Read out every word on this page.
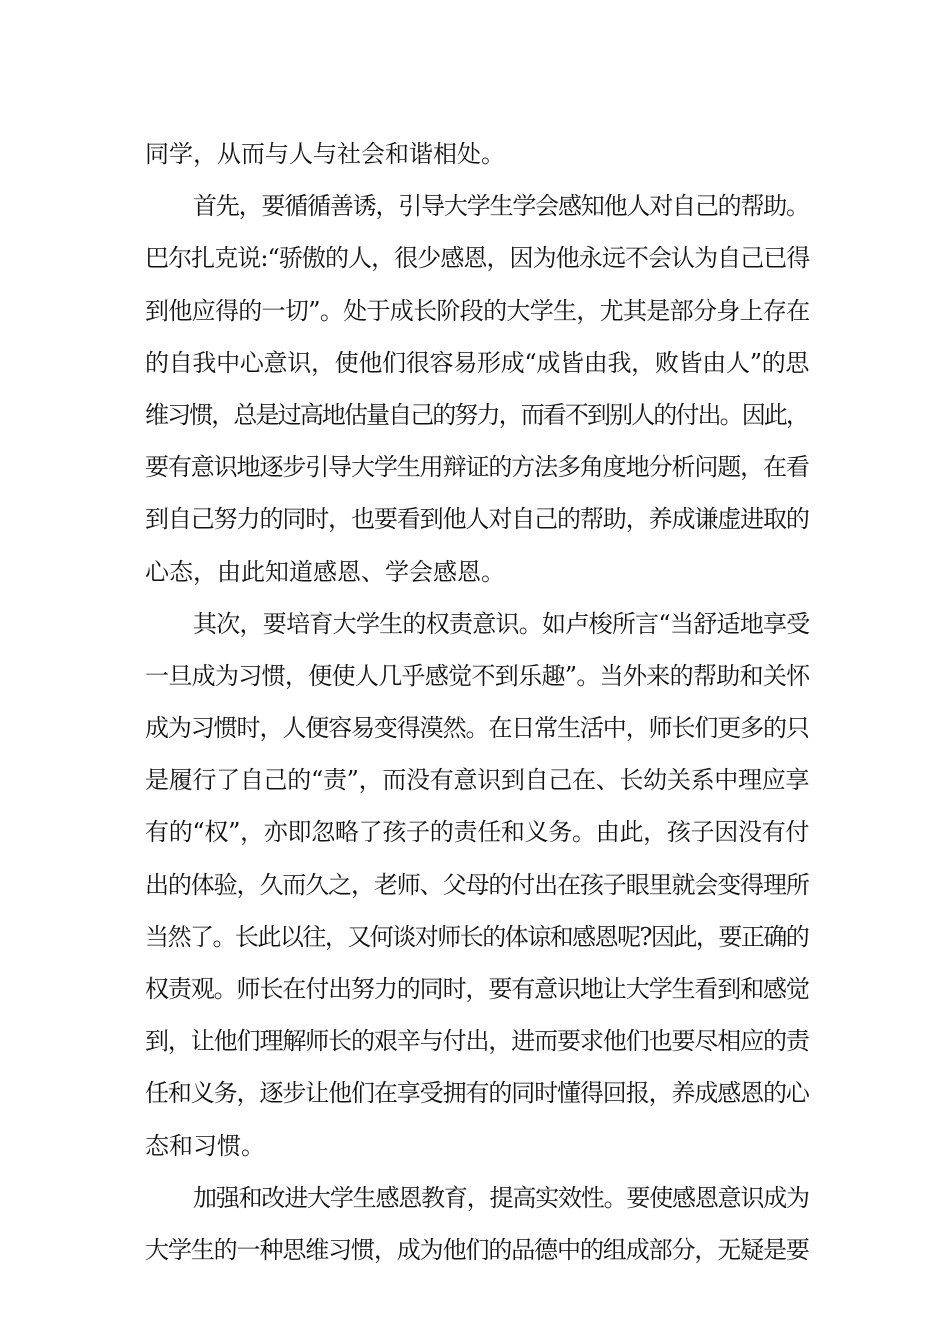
同学，从而与人与社会和谐相处。
首先，要循循善诱，引导大学生学会感知他人对自己的帮助。
巴尔扎克说:“骄傲的人，很少感恩，因为他永远不会认为自己已得
到他应得的一切”。处于成长阶段的大学生，尤其是部分身上存在
的自我中心意识，使他们很容易形成“成皆由我，败皆由人”的思
维习惯，总是过高地估量自己的努力，而看不到别人的付出。因此，
要有意识地逐步引导大学生用辩证的方法多角度地分析问题，在看
到自己努力的同时，也要看到他人对自己的帮助，养成谦虚进取的
心态，由此知道感恩、学会感恩。
其次，要培育大学生的权责意识。如卢梭所言“当舒适地享受
一旦成为习惯，便使人几乎感觉不到乐趣”。当外来的帮助和关怀
成为习惯时，人便容易变得漠然。在日常生活中，师长们更多的只
是履行了自己的“责”，而没有意识到自己在、长幼关系中理应享
有的“权”，亦即忽略了孩子的责任和义务。由此，孩子因没有付
出的体验，久而久之，老师、父母的付出在孩子眼里就会变得理所
当然了。长此以往，又何谈对师长的体谅和感恩呢?因此，要正确的
权责观。师长在付出努力的同时，要有意识地让大学生看到和感觉
到，让他们理解师长的艰辛与付出，进而要求他们也要尽相应的责
任和义务，逐步让他们在享受拥有的同时懂得回报，养成感恩的心
态和习惯。
加强和改进大学生感恩教育，提高实效性。要使感恩意识成为
大学生的一种思维习惯，成为他们的品德中的组成部分，无疑是要
